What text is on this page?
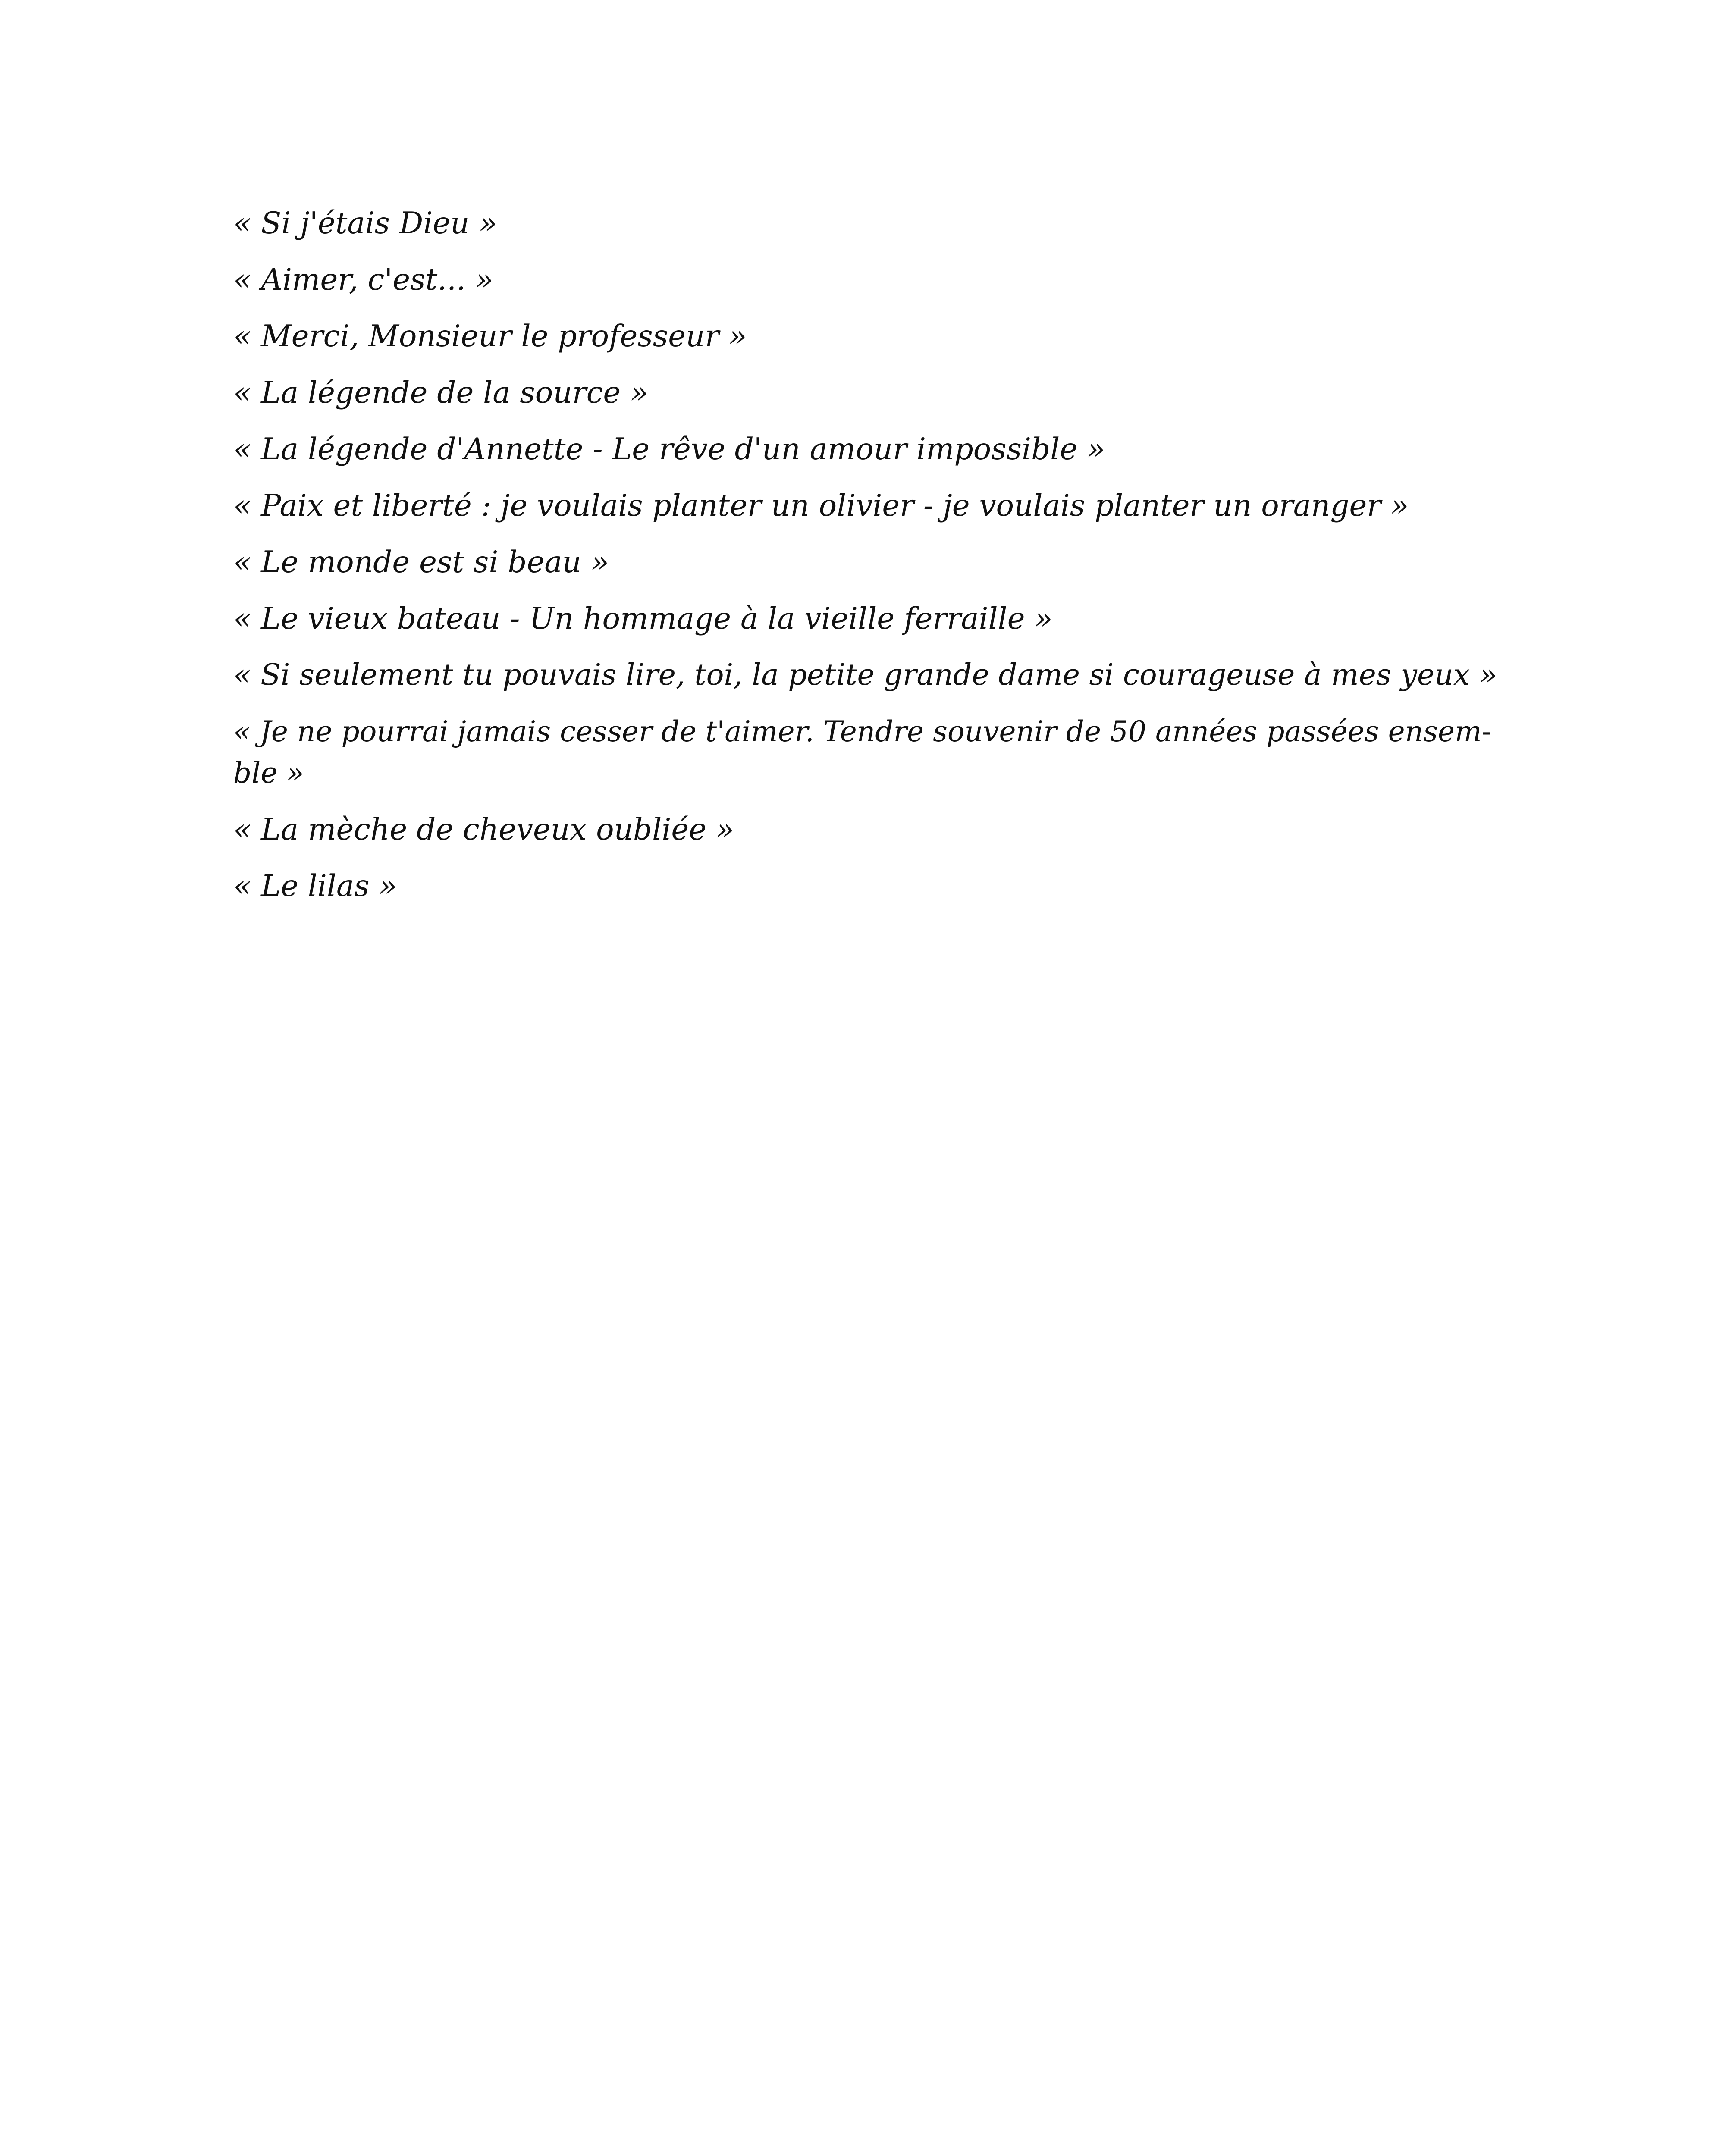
« Si j'étais Dieu »
« Aimer, c'est... »
« Merci, Monsieur le professeur »
« La légende de la source »
« La légende d'Annette - Le rêve d'un amour impossible »
« Paix et liberté : je voulais planter un olivier - je voulais planter un oranger »
« Le monde est si beau »
« Le vieux bateau - Un hommage à la vieille ferraille »
« Si seulement tu pouvais lire, toi, la petite grande dame si courageuse à mes yeux »
« Je ne pourrai jamais cesser de t'aimer. Tendre souvenir de 50 années passées ensem-
ble »
« La mèche de cheveux oubliée »
« Le lilas »
